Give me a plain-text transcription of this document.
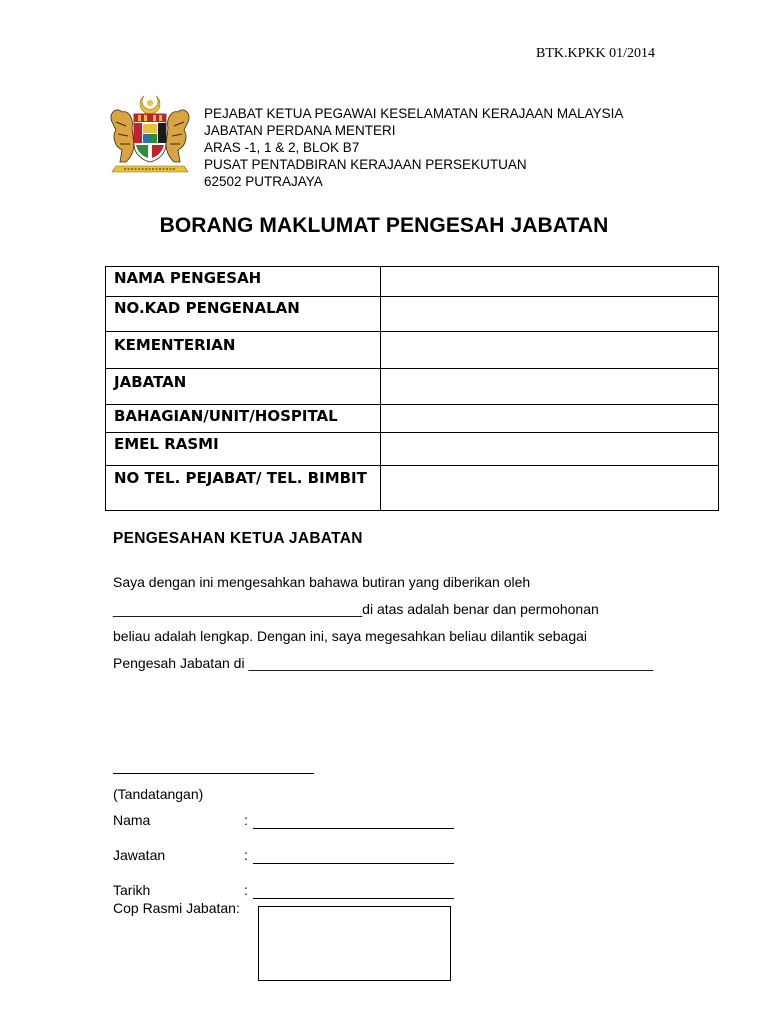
BTK.KPKK 01/2014
PEJABAT KETUA PEGAWAI KESELAMATAN KERAJAAN MALAYSIA
JABATAN PERDANA MENTERI
ARAS -1, 1 & 2, BLOK B7
PUSAT PENTADBIRAN KERAJAAN PERSEKUTUAN
62502 PUTRAJAYA
BORANG MAKLUMAT PENGESAH JABATAN
NAMA PENGESAH	
NO.KAD PENGENALAN	
KEMENTERIAN	
JABATAN	
BAHAGIAN/UNIT/HOSPITAL	
EMEL RASMI	
NO TEL. PEJABAT/ TEL. BIMBIT	
PENGESAHAN KETUA JABATAN
Saya dengan ini mengesahkan bahawa butiran yang diberikan oleh
________________________________di atas adalah benar dan permohonan
beliau adalah lengkap. Dengan ini, saya megesahkan beliau dilantik sebagai
Pengesah Jabatan di ____________________________________________________
(Tandatangan)
Nama	:
Jawatan	:
Tarikh	:
Cop Rasmi Jabatan:
